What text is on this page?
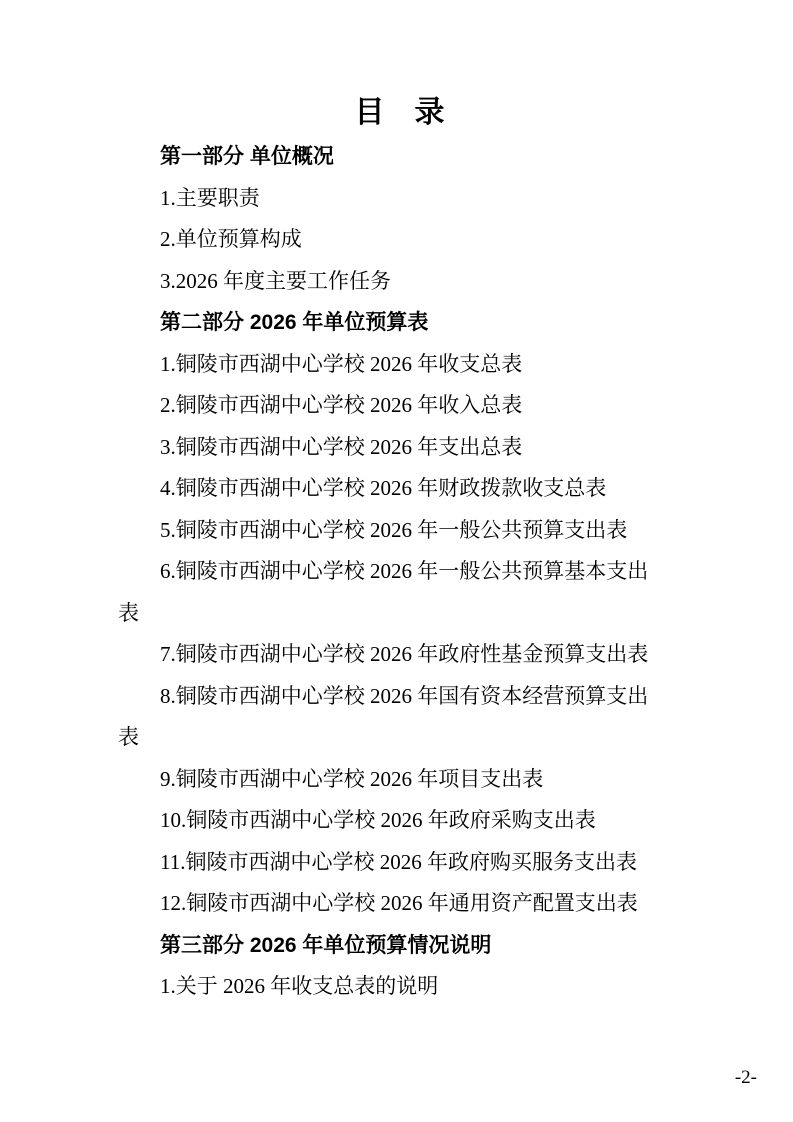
目　录

第一部分 单位概况

1.主要职责

2.单位预算构成

3.2026 年度主要工作任务

第二部分 2026 年单位预算表

1.铜陵市西湖中心学校 2026 年收支总表

2.铜陵市西湖中心学校 2026 年收入总表

3.铜陵市西湖中心学校 2026 年支出总表

4.铜陵市西湖中心学校 2026 年财政拨款收支总表

5.铜陵市西湖中心学校 2026 年一般公共预算支出表

6.铜陵市西湖中心学校 2026 年一般公共预算基本支出
表

7.铜陵市西湖中心学校 2026 年政府性基金预算支出表

8.铜陵市西湖中心学校 2026 年国有资本经营预算支出
表

9.铜陵市西湖中心学校 2026 年项目支出表

10.铜陵市西湖中心学校 2026 年政府采购支出表

11.铜陵市西湖中心学校 2026 年政府购买服务支出表

12.铜陵市西湖中心学校 2026 年通用资产配置支出表

第三部分 2026 年单位预算情况说明

1.关于 2026 年收支总表的说明

-2-
